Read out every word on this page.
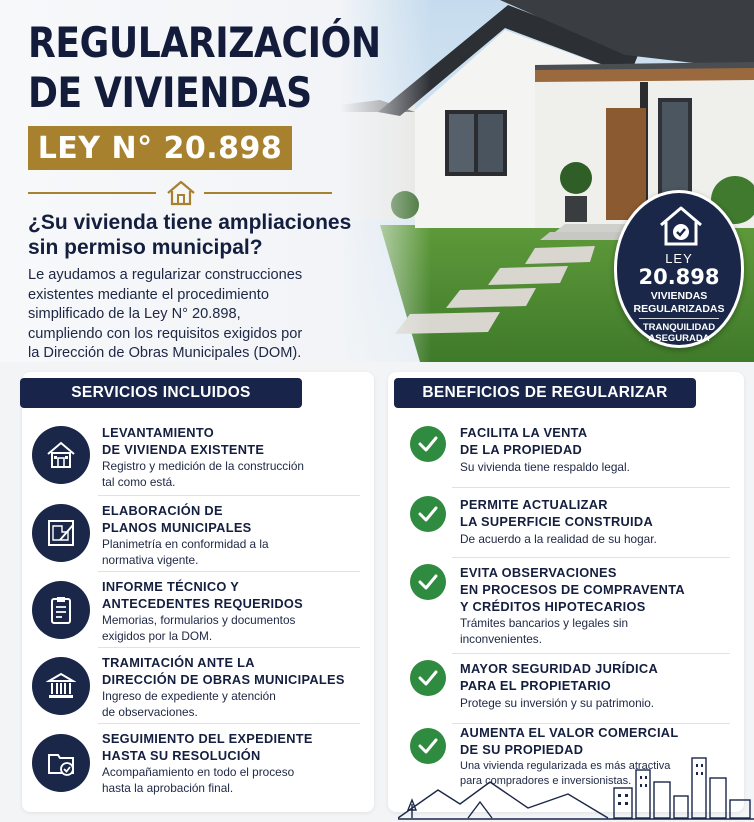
REGULARIZACIÓN
DE VIVIENDAS
LEY N° 20.898
¿Su vivienda tiene ampliaciones
sin permiso municipal?
Le ayudamos a regularizar construcciones
existentes mediante el procedimiento
simplificado de la Ley N° 20.898,
cumpliendo con los requisitos exigidos por
la Dirección de Obras Municipales (DOM).
LEY
20.898
VIVIENDAS
REGULARIZADAS
TRANQUILIDAD
ASEGURADA
SERVICIOS INCLUIDOS
LEVANTAMIENTO
DE VIVIENDA EXISTENTE
Registro y medición de la construcción
tal como está.
ELABORACIÓN DE
PLANOS MUNICIPALES
Planimetría en conformidad a la
normativa vigente.
INFORME TÉCNICO Y
ANTECEDENTES REQUERIDOS
Memorias, formularios y documentos
exigidos por la DOM.
TRAMITACIÓN ANTE LA
DIRECCIÓN DE OBRAS MUNICIPALES
Ingreso de expediente y atención
de observaciones.
SEGUIMIENTO DEL EXPEDIENTE
HASTA SU RESOLUCIÓN
Acompañamiento en todo el proceso
hasta la aprobación final.
BENEFICIOS DE REGULARIZAR
FACILITA LA VENTA
DE LA PROPIEDAD
Su vivienda tiene respaldo legal.
PERMITE ACTUALIZAR
LA SUPERFICIE CONSTRUIDA
De acuerdo a la realidad de su hogar.
EVITA OBSERVACIONES
EN PROCESOS DE COMPRAVENTA
Y CRÉDITOS HIPOTECARIOS
Trámites bancarios y legales sin
inconvenientes.
MAYOR SEGURIDAD JURÍDICA
PARA EL PROPIETARIO
Protege su inversión y su patrimonio.
AUMENTA EL VALOR COMERCIAL
DE SU PROPIEDAD
Una vivienda regularizada es más atractiva
para compradores e inversionistas.
